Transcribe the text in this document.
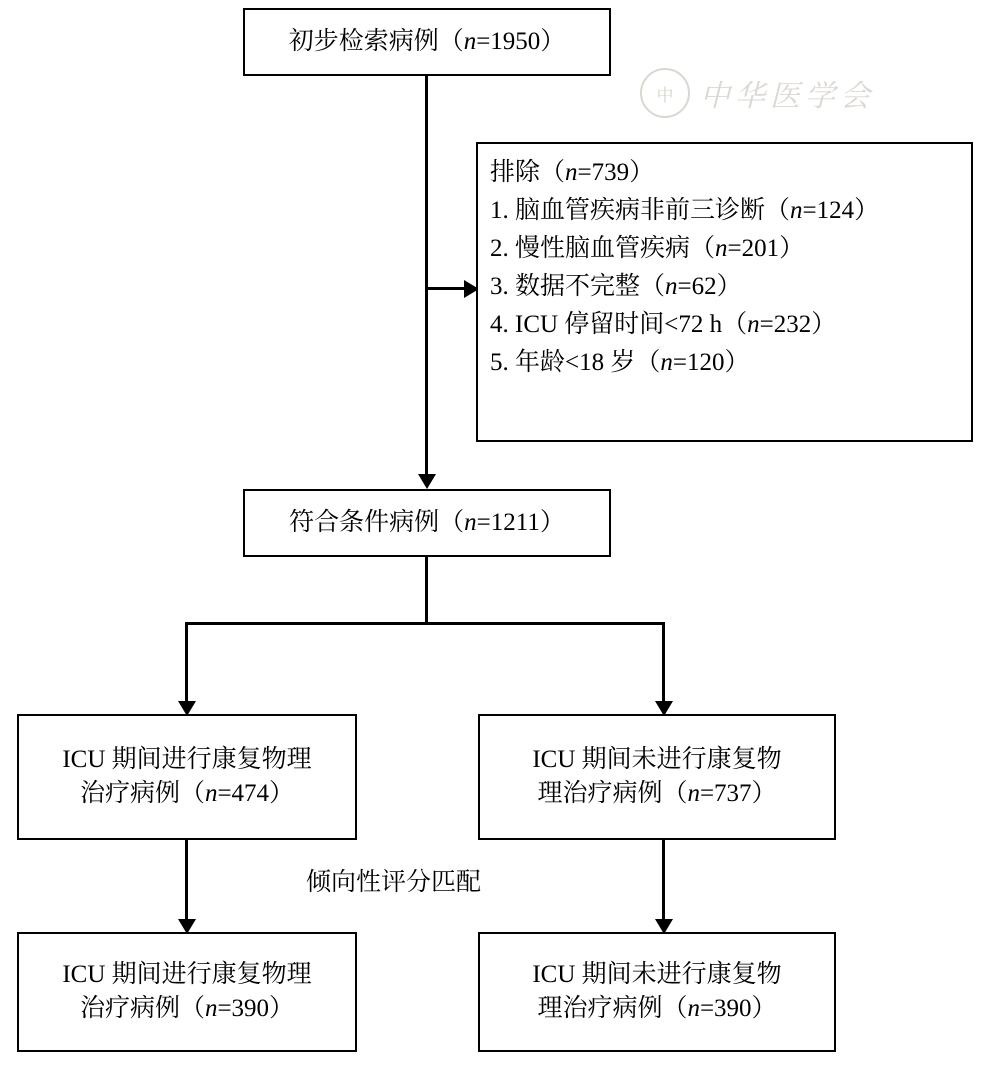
中 中华医学会
初步检索病例（n=1950）
排除（n=739）
1. 脑血管疾病非前三诊断（n=124）
2. 慢性脑血管疾病（n=201）
3. 数据不完整（n=62）
4. ICU 停留时间<72 h（n=232）
5. 年龄<18 岁（n=120）
符合条件病例（n=1211）
ICU 期间进行康复物理
治疗病例（n=474）
ICU 期间未进行康复物
理治疗病例（n=737）
倾向性评分匹配
ICU 期间进行康复物理
治疗病例（n=390）
ICU 期间未进行康复物
理治疗病例（n=390）
